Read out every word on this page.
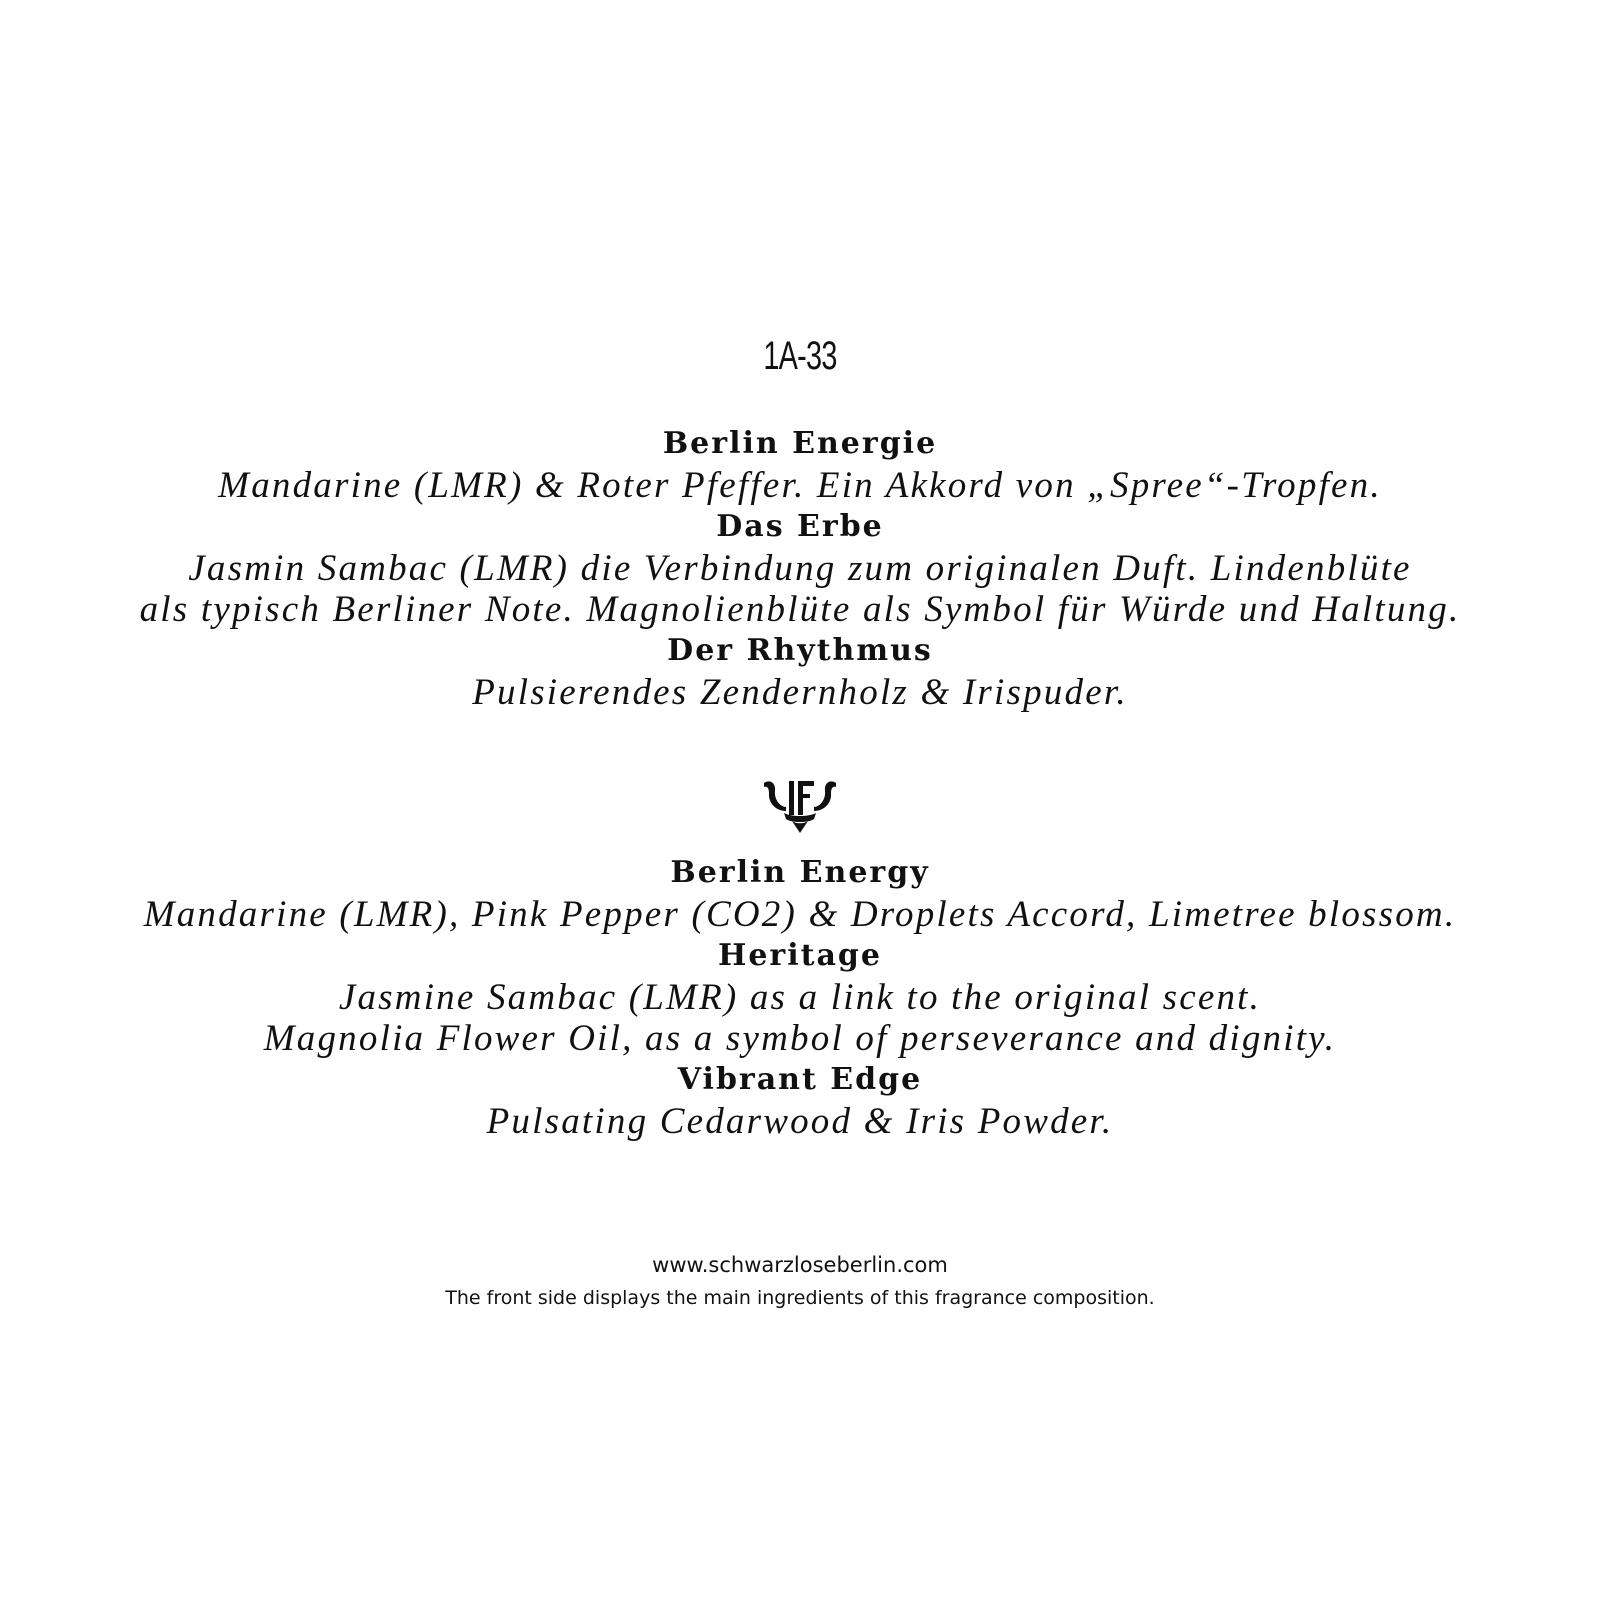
1A-33

Berlin Energie

Mandarine (LMR) & Roter Pfeffer. Ein Akkord von „Spree“-Tropfen.

Das Erbe

Jasmin Sambac (LMR) die Verbindung zum originalen Duft. Lindenblüte

als typisch Berliner Note. Magnolienblüte als Symbol für Würde und Haltung.

Der Rhythmus

Pulsierendes Zendernholz & Irispuder.

Berlin Energy

Mandarine (LMR), Pink Pepper (CO2) & Droplets Accord, Limetree blossom.

Heritage

Jasmine Sambac (LMR) as a link to the original scent.

Magnolia Flower Oil, as a symbol of perseverance and dignity.

Vibrant Edge

Pulsating Cedarwood & Iris Powder.

www.schwarzloseberlin.com
The front side displays the main ingredients of this fragrance composition.
